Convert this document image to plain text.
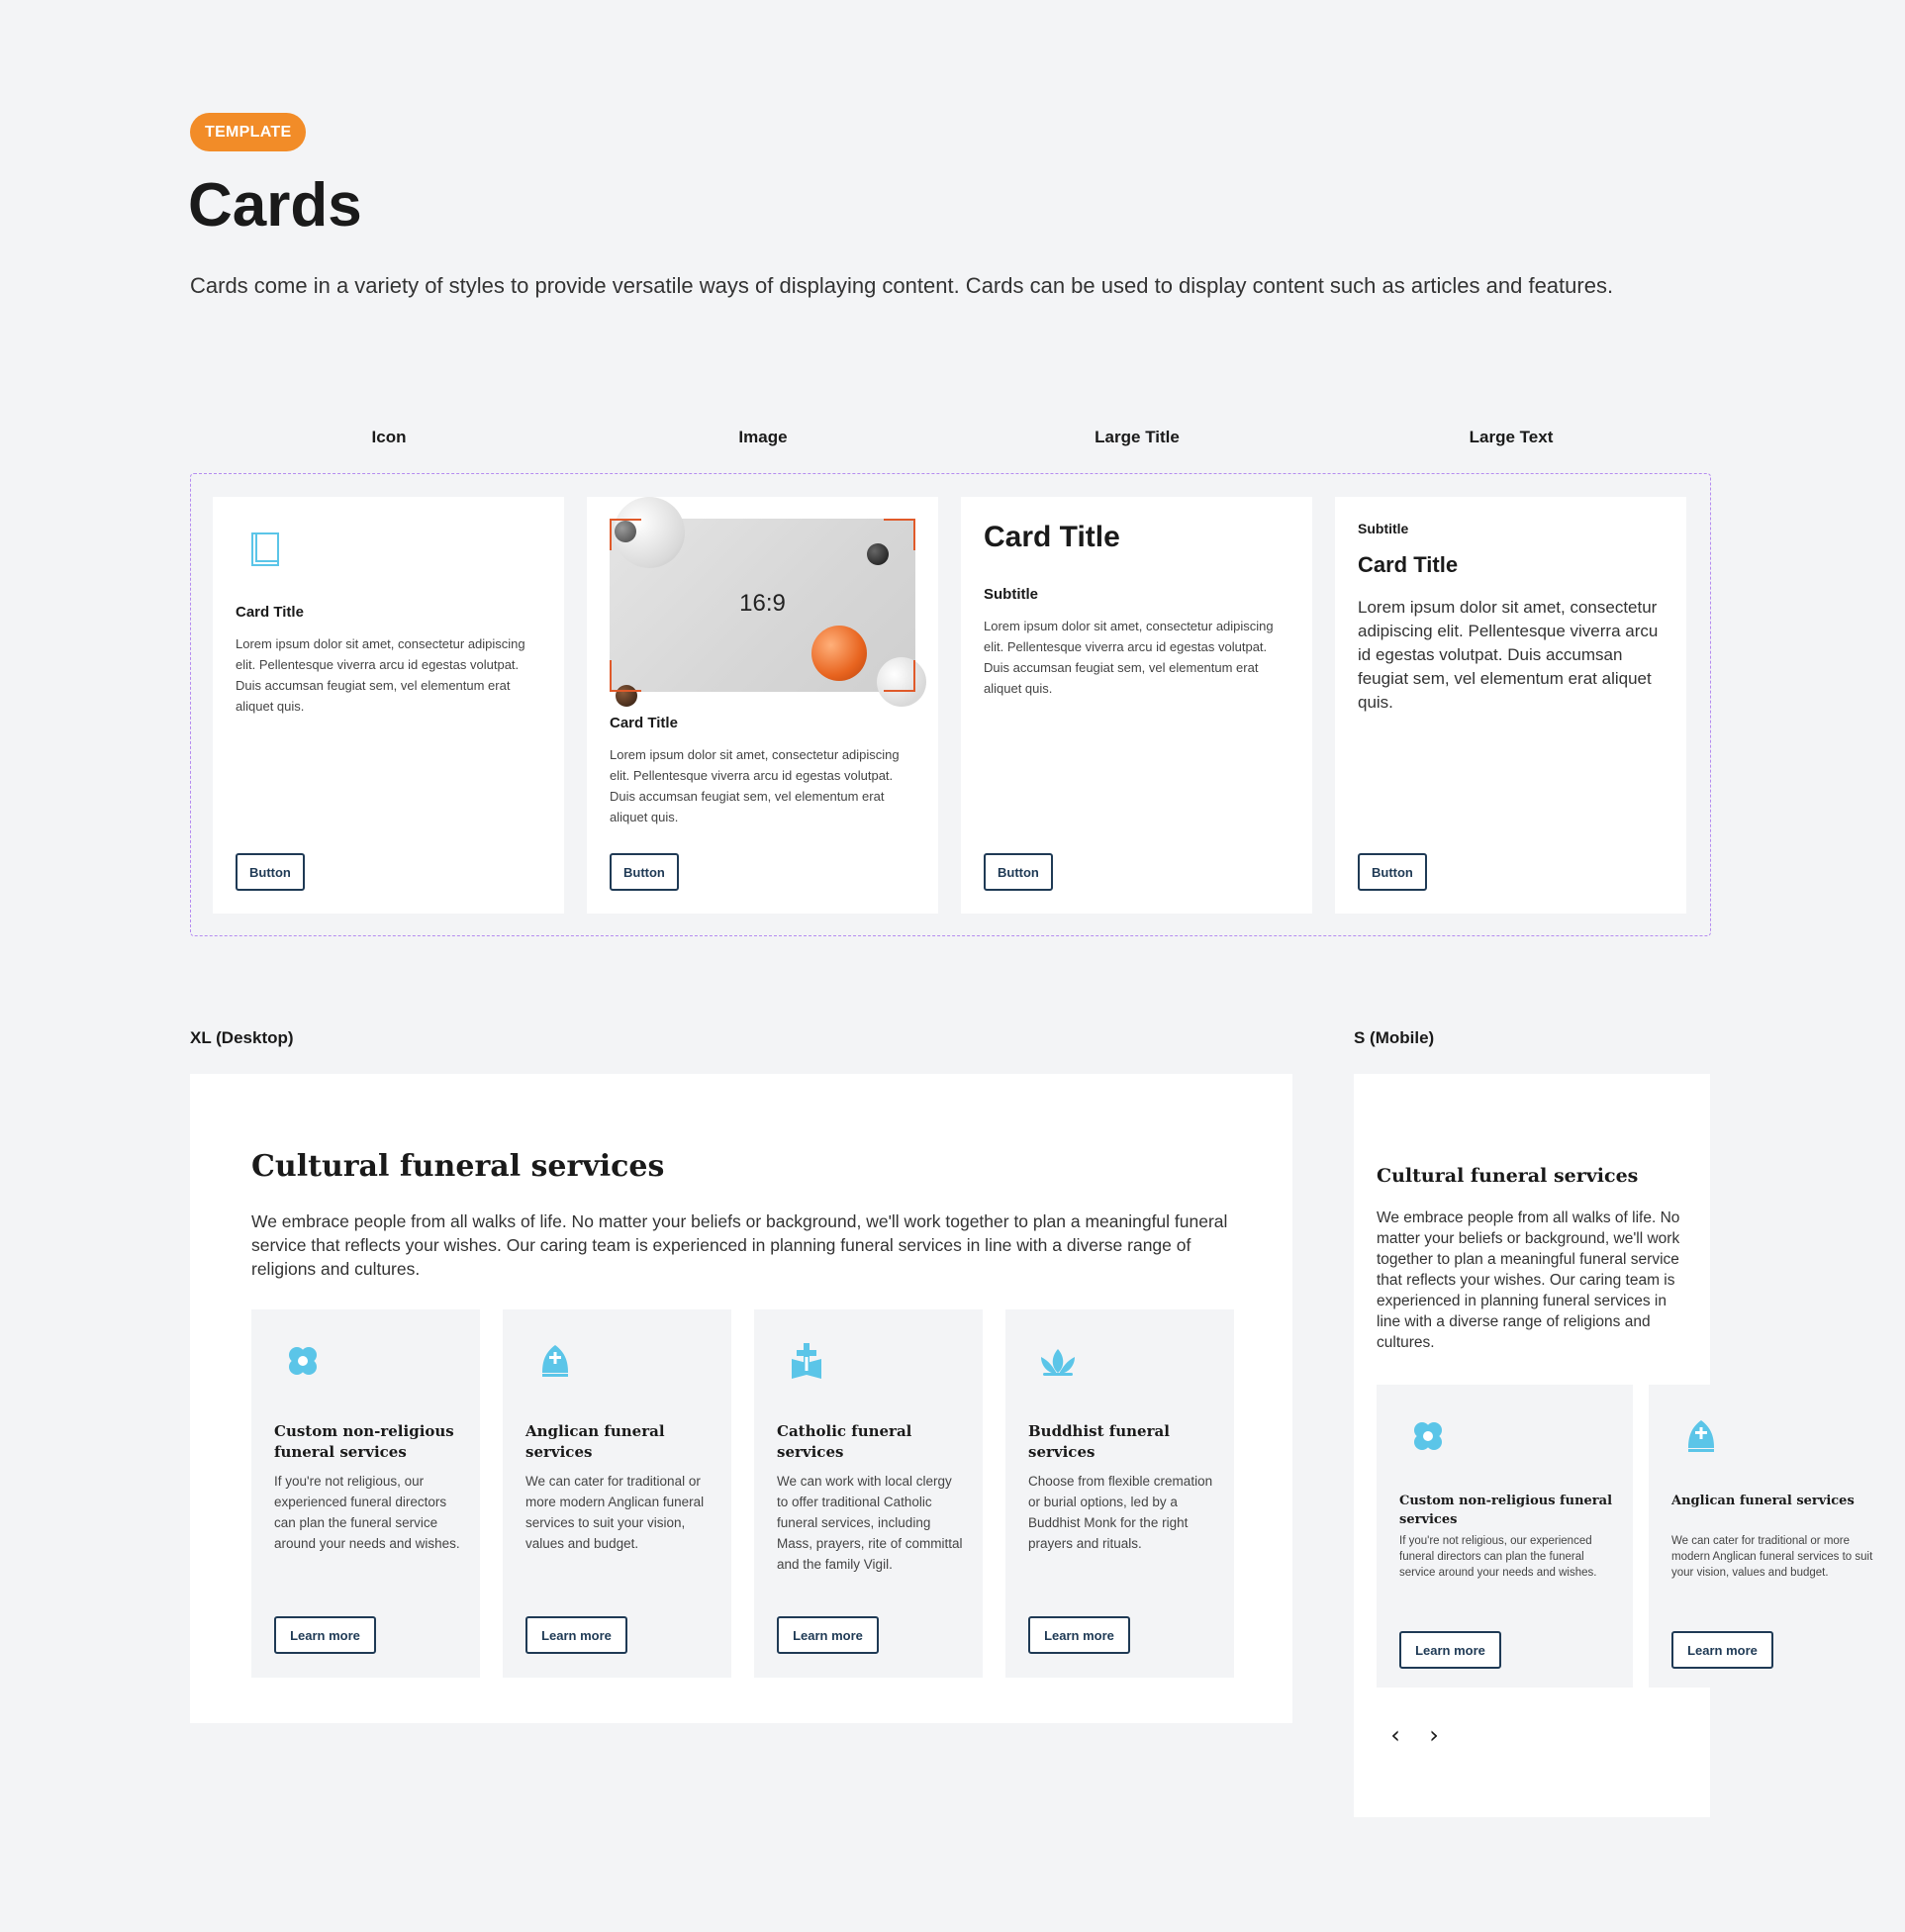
TEMPLATE
Cards

Cards come in a variety of styles to provide versatile ways of displaying content. Cards can be used to display content such as articles and features.

Icon	Image	Large Title	Large Text
Card Title
Lorem ipsum dolor sit amet, consectetur adipiscing elit. Pellentesque viverra arcu id egestas volutpat. Duis accumsan feugiat sem, vel elementum erat aliquet quis.
Button
16:9
Card Title
Lorem ipsum dolor sit amet, consectetur adipiscing elit. Pellentesque viverra arcu id egestas volutpat. Duis accumsan feugiat sem, vel elementum erat aliquet quis.
Button
Card Title
Subtitle
Lorem ipsum dolor sit amet, consectetur adipiscing elit. Pellentesque viverra arcu id egestas volutpat. Duis accumsan feugiat sem, vel elementum erat aliquet quis.
Button
Subtitle
Card Title
Lorem ipsum dolor sit amet, consectetur adipiscing elit. Pellentesque viverra arcu id egestas volutpat. Duis accumsan feugiat sem, vel elementum erat aliquet quis.
Button
XL (Desktop)	S (Mobile)
Cultural funeral services
We embrace people from all walks of life. No matter your beliefs or background, we'll work together to plan a meaningful funeral service that reflects your wishes. Our caring team is experienced in planning funeral services in line with a diverse range of religions and cultures.
Custom non-religious funeral services
If you're not religious, our experienced funeral directors can plan the funeral service around your needs and wishes.
Learn more
Anglican funeral services
We can cater for traditional or more modern Anglican funeral services to suit your vision, values and budget.
Learn more
Catholic funeral services
We can work with local clergy to offer traditional Catholic funeral services, including Mass, prayers, rite of committal and the family Vigil.
Learn more
Buddhist funeral services
Choose from flexible cremation or burial options, led by a Buddhist Monk for the right prayers and rituals.
Learn more
Cultural funeral services
We embrace people from all walks of life. No matter your beliefs or background, we'll work together to plan a meaningful funeral service that reflects your wishes. Our caring team is experienced in planning funeral services in line with a diverse range of religions and cultures.
Custom non-religious funeral services
If you're not religious, our experienced funeral directors can plan the funeral service around your needs and wishes.
Learn more
Anglican funeral services
We can cater for traditional or more modern Anglican funeral services to suit your vision, values and budget.
Learn more
‹	›
